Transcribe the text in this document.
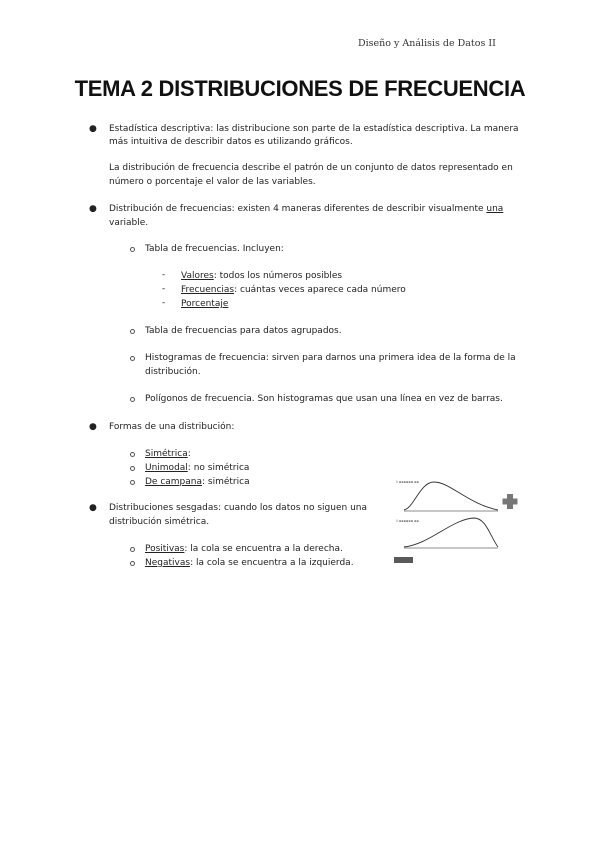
Diseño y Análisis de Datos II
TEMA 2 DISTRIBUCIONES DE FRECUENCIA
● Estadística descriptiva: las distribucione son parte de la estadística descriptiva. La manera
más intuitiva de describir datos es utilizando gráficos.
La distribución de frecuencia describe el patrón de un conjunto de datos representado en
número o porcentaje el valor de las variables.
● Distribución de frecuencias: existen 4 maneras diferentes de describir visualmente una
variable.
Tabla de frecuencias. Incluyen:
- Valores: todos los números posibles
- Frecuencias: cuántas veces aparece cada número
- Porcentaje
Tabla de frecuencias para datos agrupados.
Histogramas de frecuencia: sirven para darnos una primera idea de la forma de la
distribución.
Polígonos de frecuencia. Son histogramas que usan una línea en vez de barras.
● Formas de una distribución:
Simétrica:
Unimodal: no simétrica
De campana: simétrica
● Distribuciones sesgadas: cuando los datos no siguen una
distribución simétrica.
Positivas: la cola se encuentra a la derecha.
Negativas: la cola se encuentra a la izquierda.
Ⅱ ▪▪▪▪▪▪ ▪▪
Ⅱ ▪▪▪▪▪▪ ▪▪
